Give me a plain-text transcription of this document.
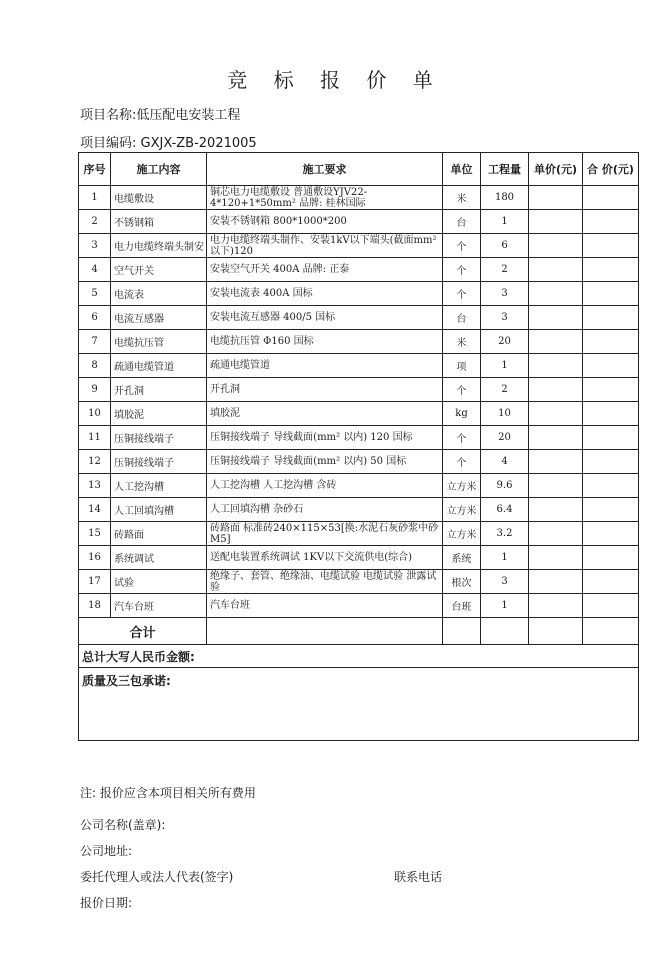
竞 标 报 价 单
项目名称:低压配电安装工程
项目编码: GXJX-ZB-2021005
序号	施工内容	施工要求	单位	工程量	单价(元)	合 价(元)
1	电缆敷设	铜芯电力电缆敷设 普通敷设YJV22-4*120+1*50mm² 品牌: 桂林国际	米	180		
2	不锈钢箱	安装不锈钢箱 800*1000*200	台	1		
3	电力电缆终端头制安	电力电缆终端头制作、安装1kV以下端头(截面mm²以下)120	个	6		
4	空气开关	安装空气开关 400A 品牌: 正泰	个	2		
5	电流表	安装电流表 400A 国标	个	3		
6	电流互感器	安装电流互感器 400/5 国标	台	3		
7	电缆抗压管	电缆抗压管 Φ160 国标	米	20		
8	疏通电缆管道	疏通电缆管道	项	1		
9	开孔洞	开孔洞	个	2		
10	填胶泥	填胶泥	kg	10		
11	压铜接线端子	压铜接线端子 导线截面(mm² 以内) 120 国标	个	20		
12	压铜接线端子	压铜接线端子 导线截面(mm² 以内) 50 国标	个	4		
13	人工挖沟槽	人工挖沟槽 人工挖沟槽 含砖	立方米	9.6		
14	人工回填沟槽	人工回填沟槽 杂砂石	立方米	6.4		
15	砖路面	砖路面 标准砖240×115×53[换:水泥石灰砂浆中砂M5]	立方米	3.2		
16	系统调试	送配电装置系统调试 1KV以下交流供电(综合)	系统	1		
17	试验	绝缘子、套管、绝缘油、电缆试验 电缆试验 泄露试验	根次	3		
18	汽车台班	汽车台班	台班	1		
合计						
总计大写人民币金额:						
质量及三包承诺:						
注: 报价应含本项目相关所有费用
公司名称(盖章):
公司地址:
委托代理人或法人代表(签字)	联系电话
报价日期:
